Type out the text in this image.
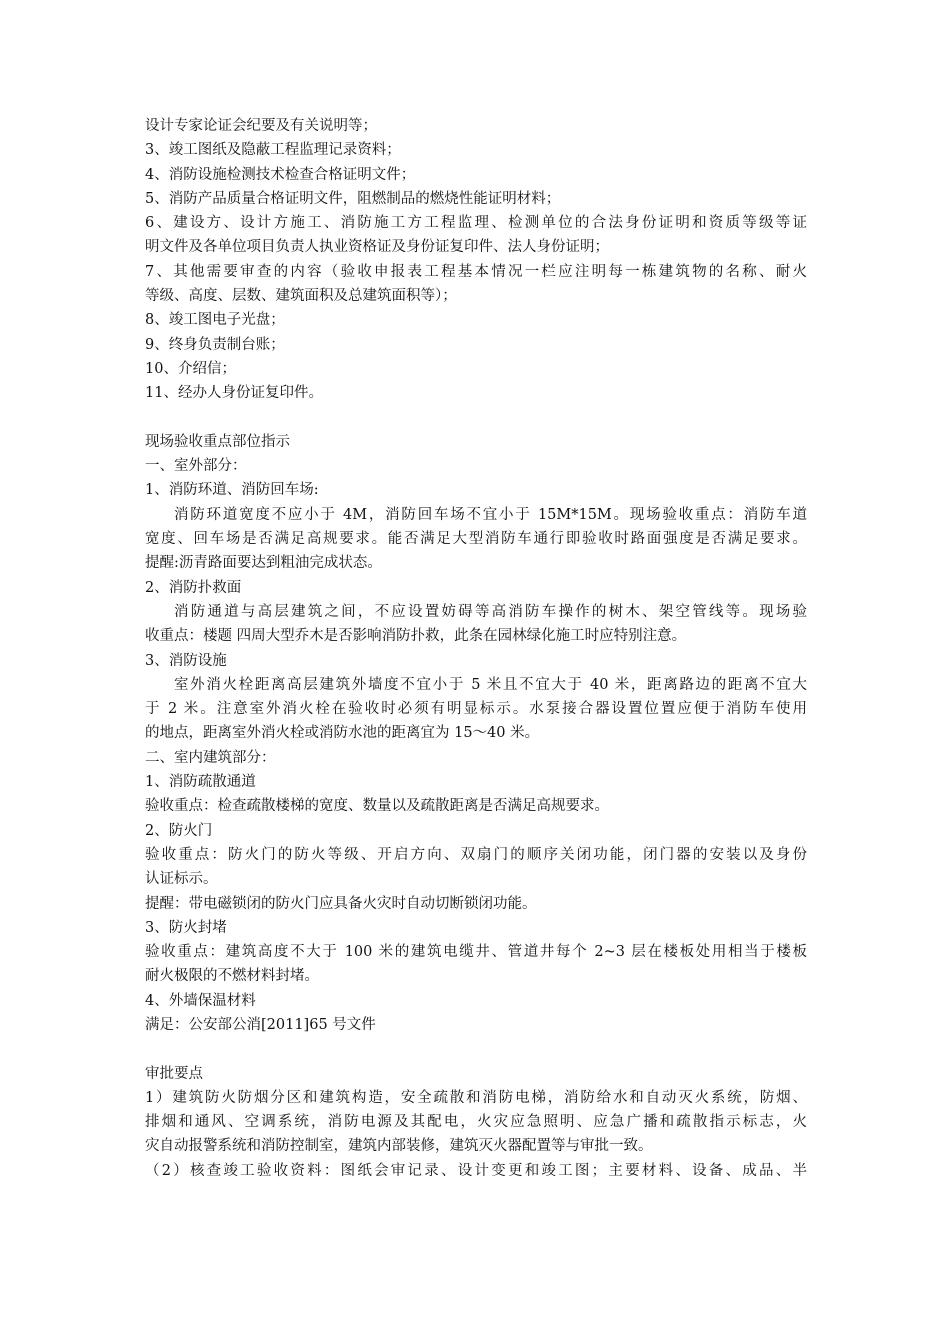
设计专家论证会纪要及有关说明等；
3、竣工图纸及隐蔽工程监理记录资料；
4、消防设施检测技术检查合格证明文件；
5、消防产品质量合格证明文件，阻燃制品的燃烧性能证明材料；
6、建设方、设计方施工、消防施工方工程监理、检测单位的合法身份证明和资质等级等证
明文件及各单位项目负责人执业资格证及身份证复印件、法人身份证明；
7、其他需要审查的内容（验收申报表工程基本情况一栏应注明每一栋建筑物的名称、耐火
等级、高度、层数、建筑面积及总建筑面积等）；
8、竣工图电子光盘；
9、终身负责制台账；
10、介绍信；
11、经办人身份证复印件。
现场验收重点部位指示
一、室外部分：
1、消防环道、消防回车场:
消防环道宽度不应小于 4M，消防回车场不宜小于 15M*15M。现场验收重点：消防车道
宽度、回车场是否满足高规要求。能否满足大型消防车通行即验收时路面强度是否满足要求。
提醒:沥青路面要达到粗油完成状态。
2、消防扑救面
消防通道与高层建筑之间，不应设置妨碍等高消防车操作的树木、架空管线等。现场验
收重点：楼题 四周大型乔木是否影响消防扑救，此条在园林绿化施工时应特别注意。
3、消防设施
室外消火栓距离高层建筑外墙度不宜小于 5 米且不宜大于 40 米，距离路边的距离不宜大
于 2 米。注意室外消火栓在验收时必须有明显标示。水泵接合器设置位置应便于消防车使用
的地点，距离室外消火栓或消防水池的距离宜为 15～40 米。
二、室内建筑部分：
1、消防疏散通道
验收重点：检查疏散楼梯的宽度、数量以及疏散距离是否满足高规要求。
2、防火门
验收重点：防火门的防火等级、开启方向、双扇门的顺序关闭功能，闭门器的安装以及身份
认证标示。
提醒：带电磁锁闭的防火门应具备火灾时自动切断锁闭功能。
3、防火封堵
验收重点：建筑高度不大于 100 米的建筑电缆井、管道井每个 2~3 层在楼板处用相当于楼板
耐火极限的不燃材料封堵。
4、外墙保温材料
满足：公安部公消[2011]65 号文件
审批要点
1）建筑防火防烟分区和建筑构造，安全疏散和消防电梯，消防给水和自动灭火系统，防烟、
排烟和通风、空调系统，消防电源及其配电，火灾应急照明、应急广播和疏散指示标志，火
灾自动报警系统和消防控制室，建筑内部装修，建筑灭火器配置等与审批一致。
（2）核查竣工验收资料：图纸会审记录、设计变更和竣工图；主要材料、设备、成品、半
